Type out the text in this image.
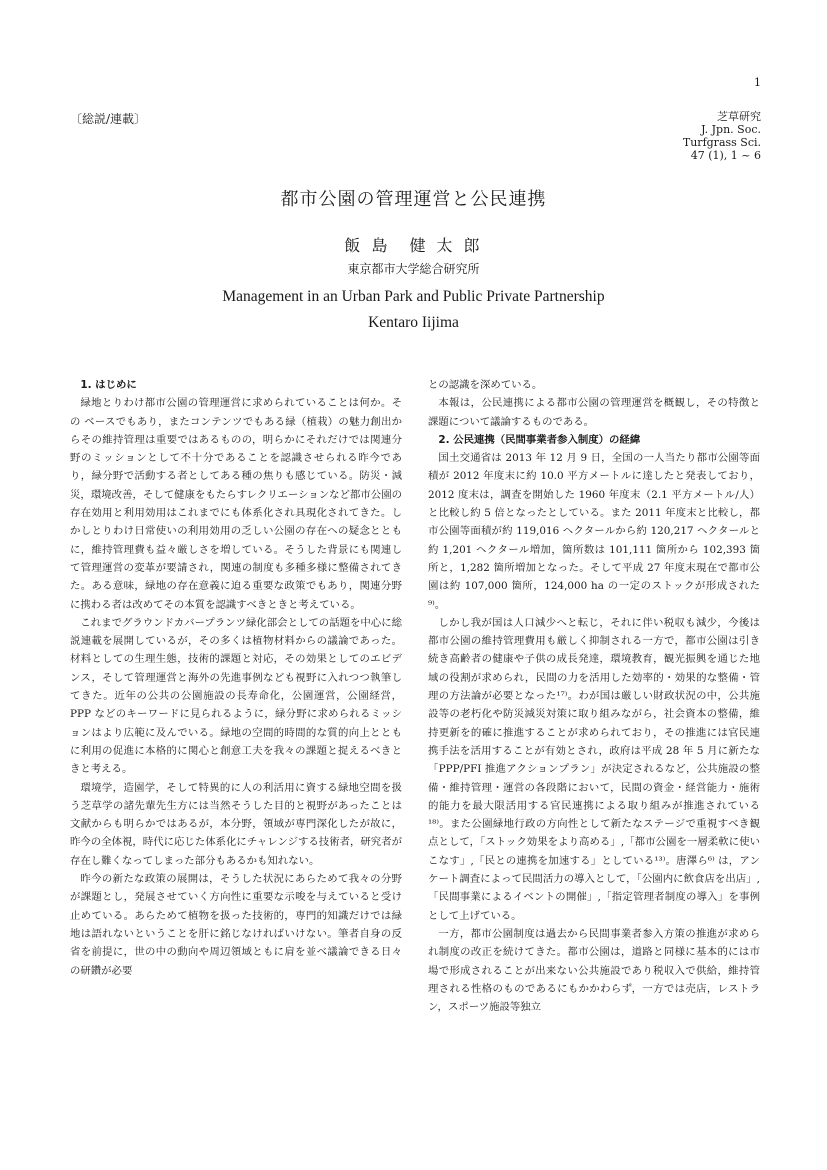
1
〔総説/連載〕	芝草研究
J. Jpn. Soc.
Turfgrass Sci.
47 (1), 1 ~ 6
都市公園の管理運営と公民連携
飯 島　健 太 郎
東京都市大学総合研究所
Management in an Urban Park and Public Private Partnership
Kentaro Iijima
1. はじめに

緑地とりわけ都市公園の管理運営に求められていることは何か。その ベースでもあり，またコンテンツでもある緑（植栽）の魅力創出からその維持管理は重要ではあるものの，明らかにそれだけでは関連分野のミッションとして不十分であることを認識させられる昨今であり，緑分野で活動する者としてある種の焦りも感じている。防災・減災，環境改善，そして健康をもたらすレクリエーションなど都市公園の存在効用と利用効用はこれまでにも体系化され具現化されてきた。しかしとりわけ日常使いの利用効用の乏しい公園の存在への疑念とともに，維持管理費も益々厳しさを増している。そうした背景にも関連して管理運営の変革が要請され，関連の制度も多種多様に整備されてきた。ある意味，緑地の存在意義に迫る重要な政策でもあり，関連分野に携わる者は改めてその本質を認識すべきときと考えている。

これまでグラウンドカバープランツ緑化部会としての話題を中心に総説連載を展開しているが，その多くは植物材料からの議論であった。材料としての生理生態，技術的課題と対応，その効果としてのエビデンス，そして管理運営と海外の先進事例なども視野に入れつつ執筆してきた。近年の公共の公園施設の長寿命化，公園運営，公園経営，PPP などのキーワードに見られるように，緑分野に求められるミッションはより広範に及んでいる。緑地の空間的時間的な質的向上とともに利用の促進に本格的に関心と創意工夫を我々の課題と捉えるべきときと考える。

環境学，造園学，そして特異的に人の利活用に資する緑地空間を扱う芝草学の諸先輩先生方には当然そうした目的と視野があったことは文献からも明らかではあるが，本分野，領域が専門深化したが故に，昨今の全体視，時代に応じた体系化にチャレンジする技術者，研究者が存在し難くなってしまった部分もあるかも知れない。

昨今の新たな政策の展開は，そうした状況にあらためて我々の分野が課題とし，発展させていく方向性に重要な示唆を与えていると受け止めている。あらためて植物を扱った技術的，専門的知識だけでは緑地は語れないということを肝に銘じなければいけない。筆者自身の反省を前提に，世の中の動向や周辺領域ともに肩を並べ議論できる日々の研鑽が必要

との認識を深めている。

本報は，公民連携による都市公園の管理運営を概観し，その特徴と課題について議論するものである。

2. 公民連携（民間事業者参入制度）の経緯

国土交通省は 2013 年 12 月 9 日，全国の一人当たり都市公園等面積が 2012 年度末に約 10.0 平方メートルに達したと発表しており，2012 度末は，調査を開始した 1960 年度末（2.1 平方メートル/人）と比較し約 5 倍となったとしている。また 2011 年度末と比較し，都市公園等面積が約 119,016 ヘクタールから約 120,217 ヘクタールと約 1,201 ヘクタール増加，箇所数は 101,111 箇所から 102,393 箇所と，1,282 箇所増加となった。そして平成 27 年度末現在で都市公園は約 107,000 箇所，124,000 ha の一定のストックが形成された⁹⁾。

しかし我が国は人口減少へと転じ，それに伴い税収も減少，今後は都市公園の維持管理費用も厳しく抑制される一方で，都市公園は引き続き高齢者の健康や子供の成長発達，環境教育，観光振興を通じた地域の役割が求められ，民間の力を活用した効率的・効果的な整備・管理の方法論が必要となった¹⁷⁾。わが国は厳しい財政状況の中，公共施設等の老朽化や防災減災対策に取り組みながら，社会資本の整備，維持更新を的確に推進することが求められており，その推進には官民連携手法を活用することが有効とされ，政府は平成 28 年 5 月に新たな「PPP/PFI 推進アクションプラン」が決定されるなど，公共施設の整備・維持管理・運営の各段階において，民間の資金・経営能力・施術的能力を最大限活用する官民連携による取り組みが推進されている¹⁸⁾。また公園緑地行政の方向性として新たなステージで重視すべき観点として，「ストック効果をより高める」,「都市公園を一層柔軟に使いこなす」,「民との連携を加速する」としている¹³⁾。唐澤ら⁶⁾ は，アンケート調査によって民間活力の導入として，「公園内に飲食店を出店」,「民間事業によるイベントの開催」,「指定管理者制度の導入」を事例として上げている。

一方，都市公園制度は過去から民間事業者参入方策の推進が求められ制度の改正を続けてきた。都市公園は，道路と同様に基本的には市場で形成されることが出来ない公共施設であり税収入で供給，維持管理される性格のものであるにもかかわらず，一方では売店，レストラン，スポーツ施設等独立
